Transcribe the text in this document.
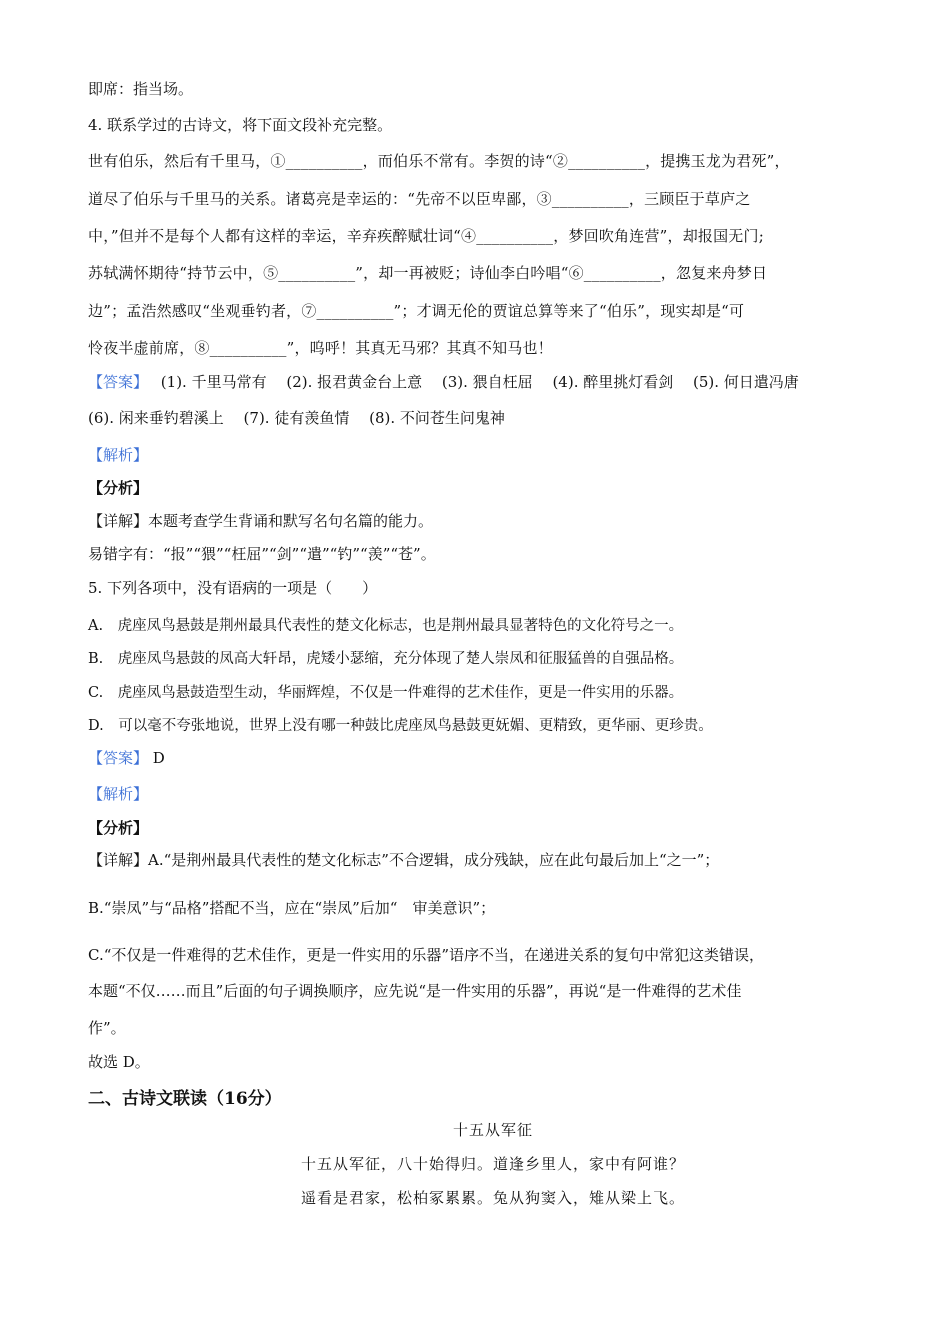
即席：指当场。
4. 联系学过的古诗文，将下面文段补充完整。
世有伯乐，然后有千里马，①__________，而伯乐不常有。李贺的诗“②__________，提携玉龙为君死”，
道尽了伯乐与千里马的关系。诸葛亮是幸运的：“先帝不以臣卑鄙，③__________，三顾臣于草庐之
中，”但并不是每个人都有这样的幸运，辛弃疾醉赋壮词“④__________，梦回吹角连营”，却报国无门;
苏轼满怀期待“持节云中，⑤__________”，却一再被贬；诗仙李白吟唱“⑥__________，忽复来舟梦日
边”；孟浩然感叹“坐观垂钓者，⑦__________”；才调无伦的贾谊总算等来了“伯乐”，现实却是“可
怜夜半虚前席，⑧__________”，呜呼！其真无马邪？其真不知马也！
【答案】 (1). 千里马常有　 (2). 报君黄金台上意　 (3). 猥自枉屈　 (4). 醉里挑灯看剑　 (5). 何日遣冯唐
(6). 闲来垂钓碧溪上　 (7). 徒有羡鱼情　 (8). 不问苍生问鬼神
【解析】
【分析】
【详解】本题考查学生背诵和默写名句名篇的能力。
易错字有：“报”“猥”“枉屈”“剑”“遣”“钓”“羡”“苍”。
5. 下列各项中，没有语病的一项是（　　）
A.　虎座凤鸟悬鼓是荆州最具代表性的楚文化标志，也是荆州最具显著特色的文化符号之一。
B.　虎座凤鸟悬鼓的凤高大轩昂，虎矮小瑟缩，充分体现了楚人崇凤和征服猛兽的自强品格。
C.　虎座凤鸟悬鼓造型生动，华丽辉煌，不仅是一件难得的艺术佳作，更是一件实用的乐器。
D.　可以毫不夸张地说，世界上没有哪一种鼓比虎座凤鸟悬鼓更妩媚、更精致，更华丽、更珍贵。
【答案】 D
【解析】
【分析】
【详解】A.“是荆州最具代表性的楚文化标志”不合逻辑，成分残缺，应在此句最后加上“之一”；
B.“崇凤”与“品格”搭配不当，应在“崇凤”后加“　审美意识”；
C.“不仅是一件难得的艺术佳作，更是一件实用的乐器”语序不当，在递进关系的复句中常犯这类错误，
本题“不仅……而且”后面的句子调换顺序，应先说“是一件实用的乐器”，再说“是一件难得的艺术佳
作”。
故选 D。
二、古诗文联读（16分）
十五从军征
十五从军征，八十始得归。道逢乡里人，家中有阿谁？
遥看是君家，松柏冢累累。兔从狗窦入，雉从梁上飞。
